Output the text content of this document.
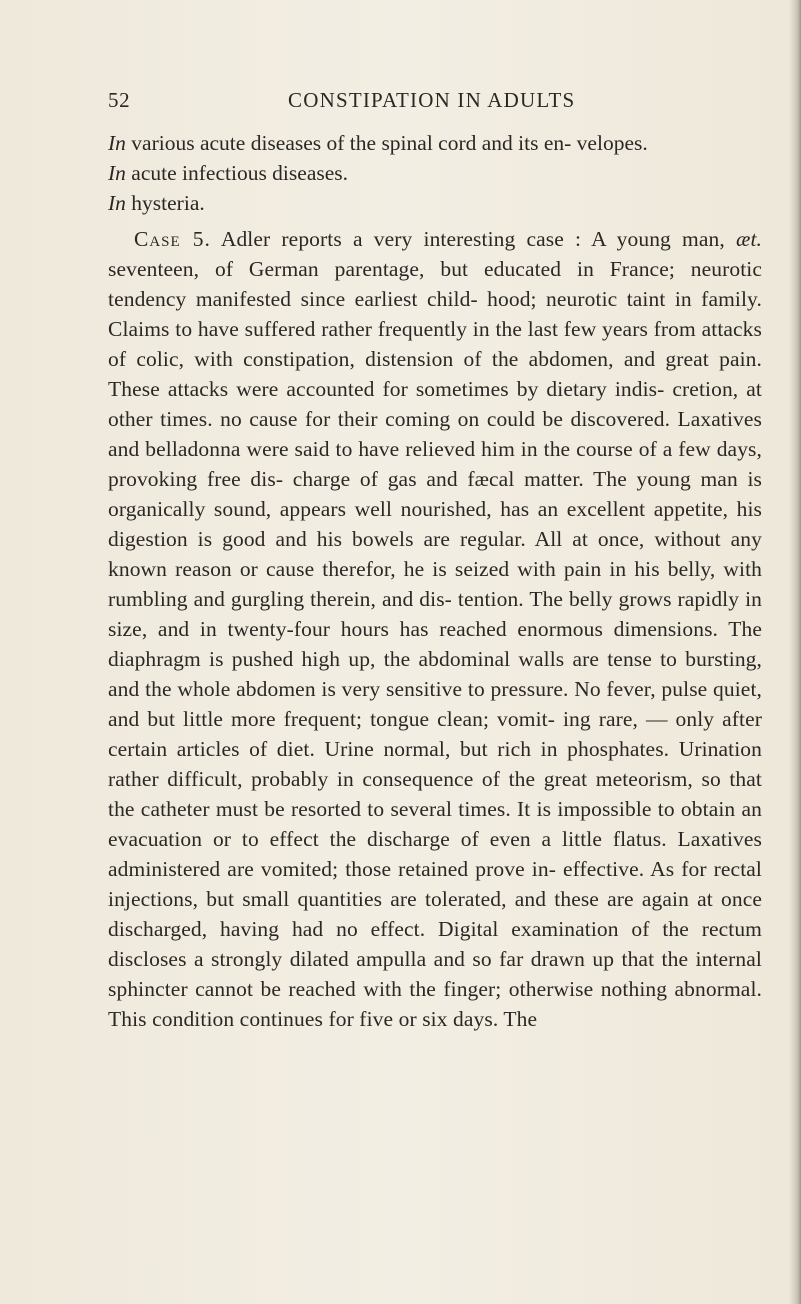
52	CONSTIPATION IN ADULTS

In various acute diseases of the spinal cord and its en- velopes.

In acute infectious diseases.

In hysteria.

Case 5. Adler reports a very interesting case : A young man, æt. seventeen, of German parentage, but educated in France; neurotic tendency manifested since earliest child- hood; neurotic taint in family. Claims to have suffered rather frequently in the last few years from attacks of colic, with constipation, distension of the abdomen, and great pain. These attacks were accounted for sometimes by dietary indis- cretion, at other times. no cause for their coming on could be discovered. Laxatives and belladonna were said to have relieved him in the course of a few days, provoking free dis- charge of gas and fæcal matter. The young man is organically sound, appears well nourished, has an excellent appetite, his digestion is good and his bowels are regular. All at once, without any known reason or cause therefor, he is seized with pain in his belly, with rumbling and gurgling therein, and dis- tention. The belly grows rapidly in size, and in twenty-four hours has reached enormous dimensions. The diaphragm is pushed high up, the abdominal walls are tense to bursting, and the whole abdomen is very sensitive to pressure. No fever, pulse quiet, and but little more frequent; tongue clean; vomit- ing rare, — only after certain articles of diet. Urine normal, but rich in phosphates. Urination rather difficult, probably in consequence of the great meteorism, so that the catheter must be resorted to several times. It is impossible to obtain an evacuation or to effect the discharge of even a little flatus. Laxatives administered are vomited; those retained prove in- effective. As for rectal injections, but small quantities are tolerated, and these are again at once discharged, having had no effect. Digital examination of the rectum discloses a strongly dilated ampulla and so far drawn up that the internal sphincter cannot be reached with the finger; otherwise nothing abnormal. This condition continues for five or six days. The
